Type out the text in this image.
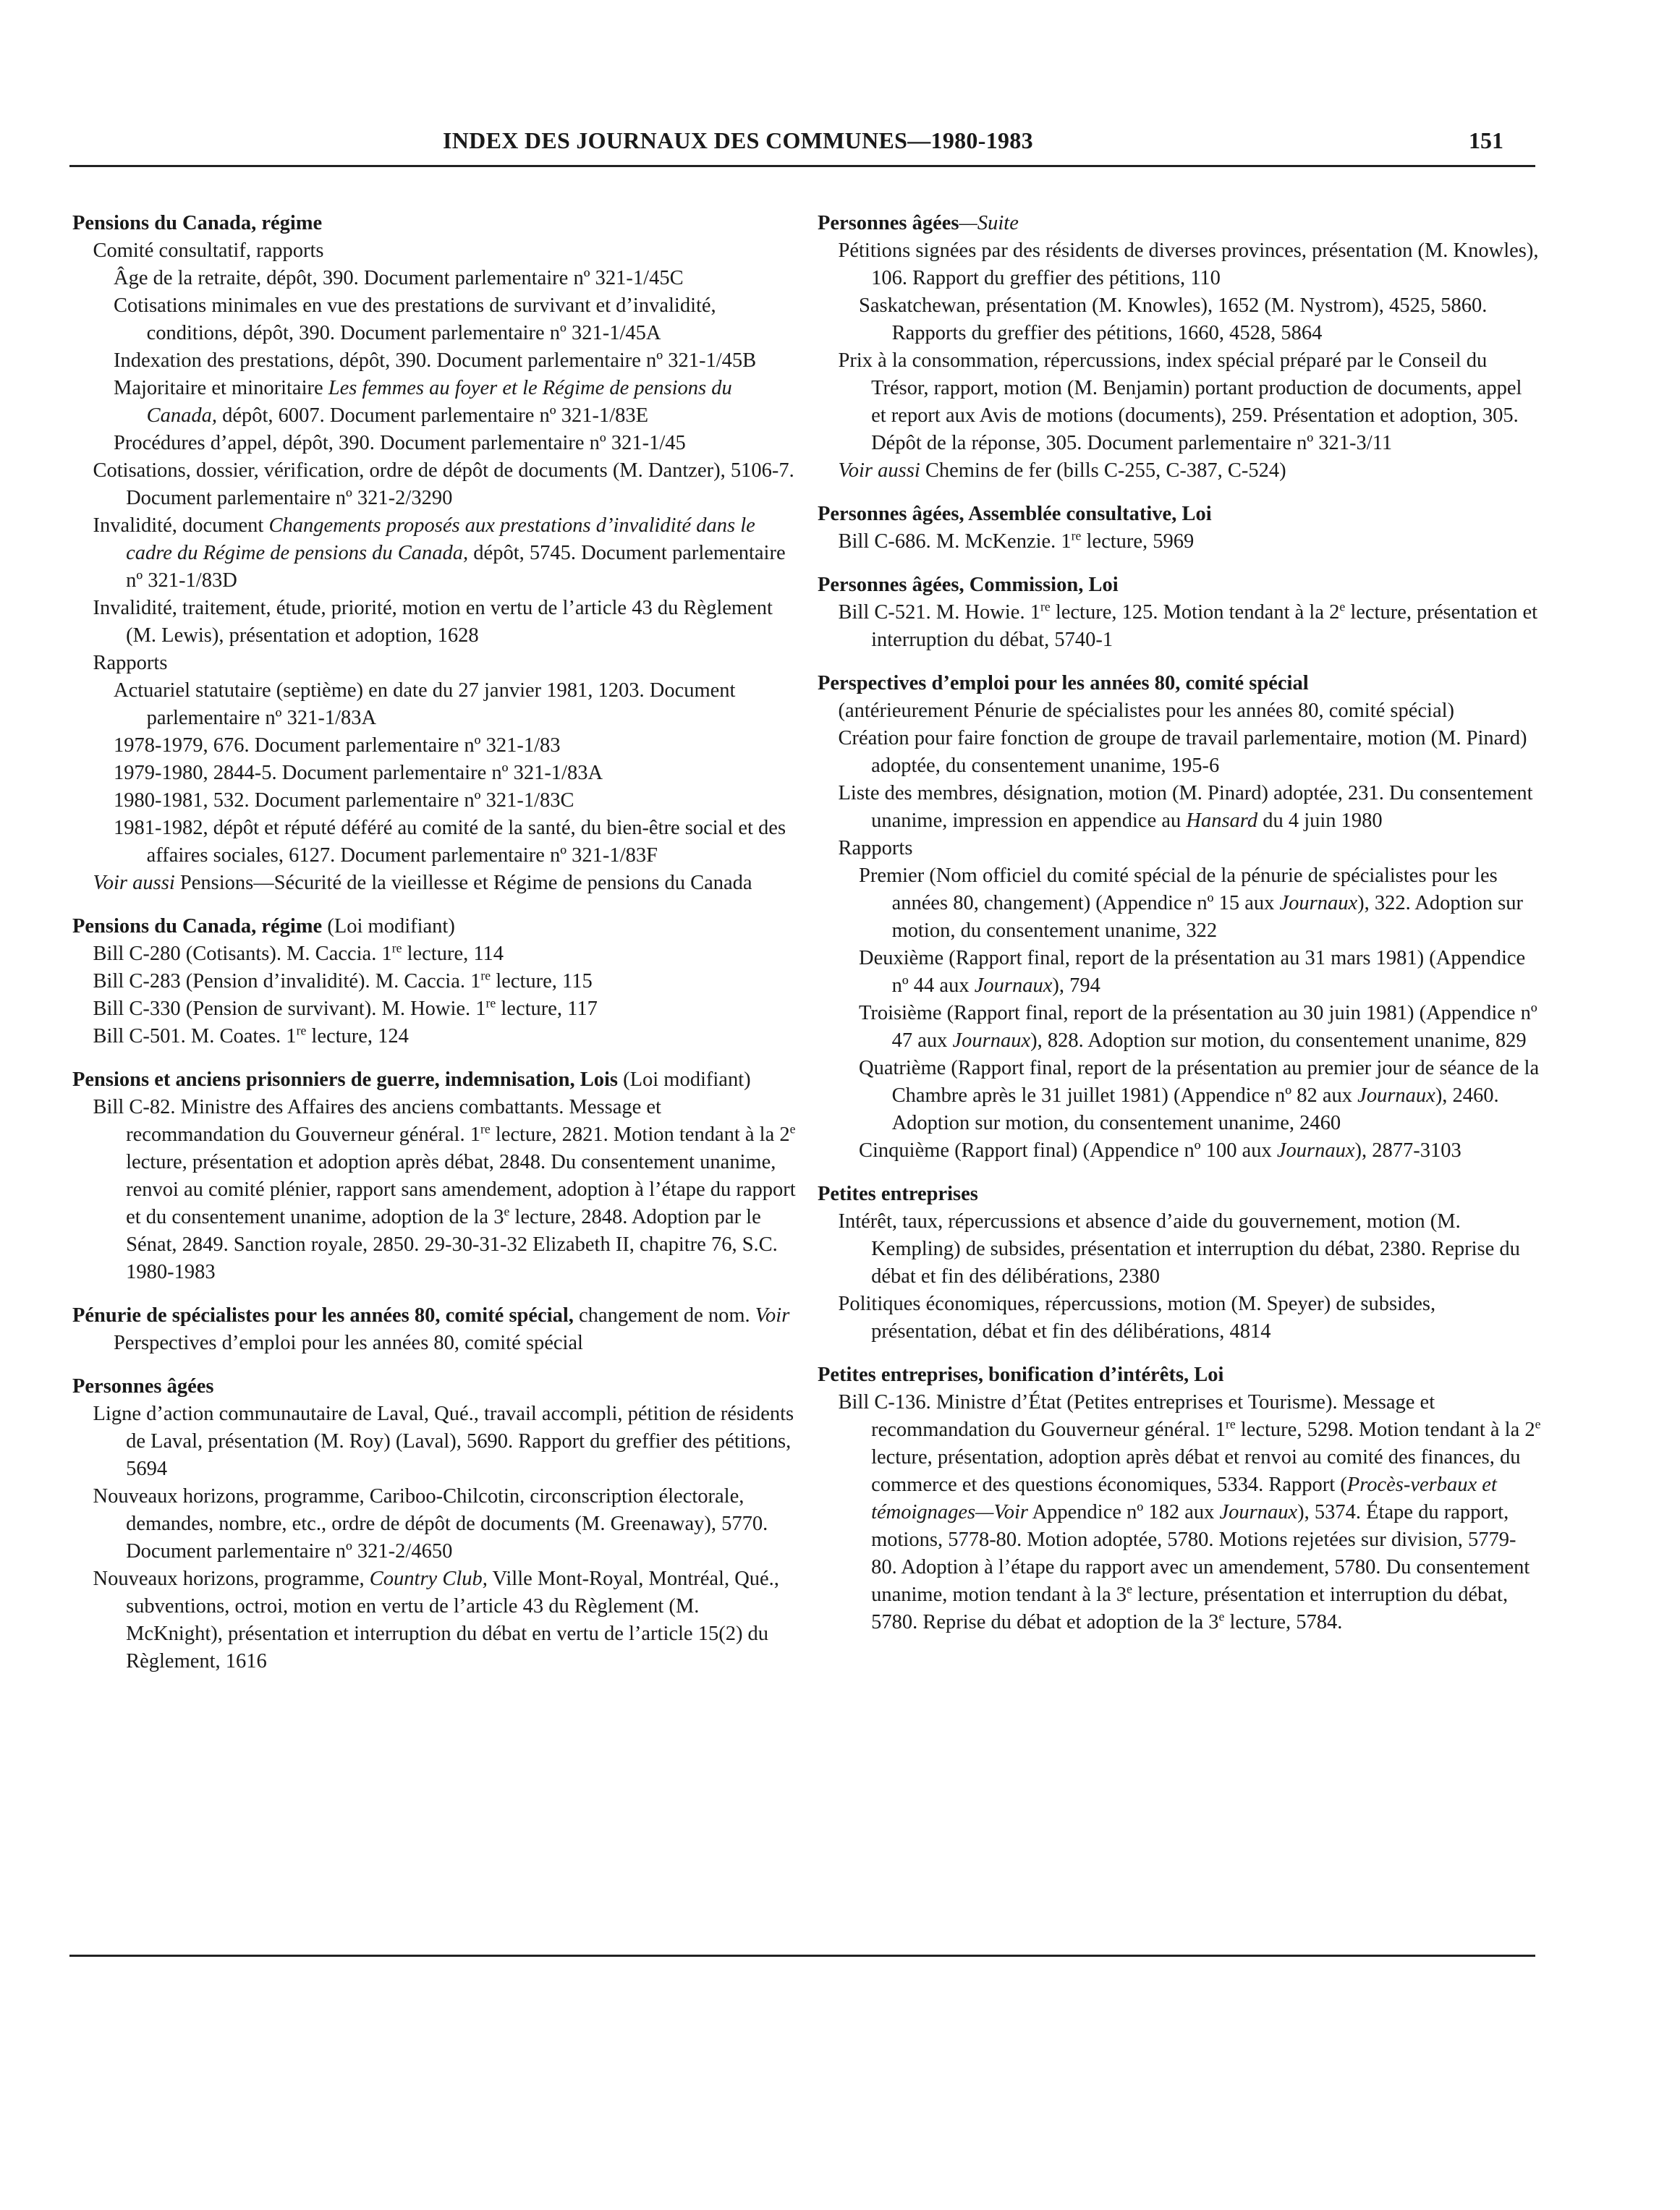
INDEX DES JOURNAUX DES COMMUNES—1980-1983	151
Pensions du Canada, régime
Comité consultatif, rapports
Âge de la retraite, dépôt, 390. Document parlementaire nº 321-1/45C
Cotisations minimales en vue des prestations de survivant et d’invalidité, conditions, dépôt, 390. Document parlementaire nº 321-1/45A
Indexation des prestations, dépôt, 390. Document parlementaire nº 321-1/45B
Majoritaire et minoritaire Les femmes au foyer et le Régime de pensions du Canada, dépôt, 6007. Document parlementaire nº 321-1/83E
Procédures d’appel, dépôt, 390. Document parlementaire nº 321-1/45
Cotisations, dossier, vérification, ordre de dépôt de documents (M. Dantzer), 5106-7. Document parlementaire nº 321-2/3290
Invalidité, document Changements proposés aux prestations d’invalidité dans le cadre du Régime de pensions du Canada, dépôt, 5745. Document parlementaire nº 321-1/83D
Invalidité, traitement, étude, priorité, motion en vertu de l’article 43 du Règlement (M. Lewis), présentation et adoption, 1628
Rapports
Actuariel statutaire (septième) en date du 27 janvier 1981, 1203. Document parlementaire nº 321-1/83A
1978-1979, 676. Document parlementaire nº 321-1/83
1979-1980, 2844-5. Document parlementaire nº 321-1/83A
1980-1981, 532. Document parlementaire nº 321-1/83C
1981-1982, dépôt et réputé déféré au comité de la santé, du bien-être social et des affaires sociales, 6127. Document parlementaire nº 321-1/83F
Voir aussi Pensions—Sécurité de la vieillesse et Régime de pensions du Canada
Pensions du Canada, régime (Loi modifiant)
Bill C-280 (Cotisants). M. Caccia. 1re lecture, 114
Bill C-283 (Pension d’invalidité). M. Caccia. 1re lecture, 115
Bill C-330 (Pension de survivant). M. Howie. 1re lecture, 117
Bill C-501. M. Coates. 1re lecture, 124
Pensions et anciens prisonniers de guerre, indemnisation, Lois (Loi modifiant)
Bill C-82. Ministre des Affaires des anciens combattants. Message et recommandation du Gouverneur général. 1re lecture, 2821. Motion tendant à la 2e lecture, présentation et adoption après débat, 2848. Du consentement unanime, renvoi au comité plénier, rapport sans amendement, adoption à l’étape du rapport et du consentement unanime, adoption de la 3e lecture, 2848. Adoption par le Sénat, 2849. Sanction royale, 2850. 29-30-31-32 Elizabeth II, chapitre 76, S.C. 1980-1983
Pénurie de spécialistes pour les années 80, comité spécial, changement de nom. Voir Perspectives d’emploi pour les années 80, comité spécial
Personnes âgées
Ligne d’action communautaire de Laval, Qué., travail accompli, pétition de résidents de Laval, présentation (M. Roy) (Laval), 5690. Rapport du greffier des pétitions, 5694
Nouveaux horizons, programme, Cariboo-Chilcotin, circonscription électorale, demandes, nombre, etc., ordre de dépôt de documents (M. Greenaway), 5770. Document parlementaire nº 321-2/4650
Nouveaux horizons, programme, Country Club, Ville Mont-Royal, Montréal, Qué., subventions, octroi, motion en vertu de l’article 43 du Règlement (M. McKnight), présentation et interruption du débat en vertu de l’article 15(2) du Règlement, 1616
Personnes âgées—Suite
Pétitions signées par des résidents de diverses provinces, présentation (M. Knowles), 106. Rapport du greffier des pétitions, 110
Saskatchewan, présentation (M. Knowles), 1652 (M. Nystrom), 4525, 5860. Rapports du greffier des pétitions, 1660, 4528, 5864
Prix à la consommation, répercussions, index spécial préparé par le Conseil du Trésor, rapport, motion (M. Benjamin) portant production de documents, appel et report aux Avis de motions (documents), 259. Présentation et adoption, 305. Dépôt de la réponse, 305. Document parlementaire nº 321-3/11
Voir aussi Chemins de fer (bills C-255, C-387, C-524)
Personnes âgées, Assemblée consultative, Loi
Bill C-686. M. McKenzie. 1re lecture, 5969
Personnes âgées, Commission, Loi
Bill C-521. M. Howie. 1re lecture, 125. Motion tendant à la 2e lecture, présentation et interruption du débat, 5740-1
Perspectives d’emploi pour les années 80, comité spécial
(antérieurement Pénurie de spécialistes pour les années 80, comité spécial)
Création pour faire fonction de groupe de travail parlementaire, motion (M. Pinard) adoptée, du consentement unanime, 195-6
Liste des membres, désignation, motion (M. Pinard) adoptée, 231. Du consentement unanime, impression en appendice au Hansard du 4 juin 1980
Rapports
Premier (Nom officiel du comité spécial de la pénurie de spécialistes pour les années 80, changement) (Appendice nº 15 aux Journaux), 322. Adoption sur motion, du consentement unanime, 322
Deuxième (Rapport final, report de la présentation au 31 mars 1981) (Appendice nº 44 aux Journaux), 794
Troisième (Rapport final, report de la présentation au 30 juin 1981) (Appendice nº 47 aux Journaux), 828. Adoption sur motion, du consentement unanime, 829
Quatrième (Rapport final, report de la présentation au premier jour de séance de la Chambre après le 31 juillet 1981) (Appendice nº 82 aux Journaux), 2460. Adoption sur motion, du consentement unanime, 2460
Cinquième (Rapport final) (Appendice nº 100 aux Journaux), 2877-3103
Petites entreprises
Intérêt, taux, répercussions et absence d’aide du gouvernement, motion (M. Kempling) de subsides, présentation et interruption du débat, 2380. Reprise du débat et fin des délibérations, 2380
Politiques économiques, répercussions, motion (M. Speyer) de subsides, présentation, débat et fin des délibérations, 4814
Petites entreprises, bonification d’intérêts, Loi
Bill C-136. Ministre d’État (Petites entreprises et Tourisme). Message et recommandation du Gouverneur général. 1re lecture, 5298. Motion tendant à la 2e lecture, présentation, adoption après débat et renvoi au comité des finances, du commerce et des questions économiques, 5334. Rapport (Procès-verbaux et témoignages—Voir Appendice nº 182 aux Journaux), 5374. Étape du rapport, motions, 5778-80. Motion adoptée, 5780. Motions rejetées sur division, 5779-80. Adoption à l’étape du rapport avec un amendement, 5780. Du consentement unanime, motion tendant à la 3e lecture, présentation et interruption du débat, 5780. Reprise du débat et adoption de la 3e lecture, 5784.
